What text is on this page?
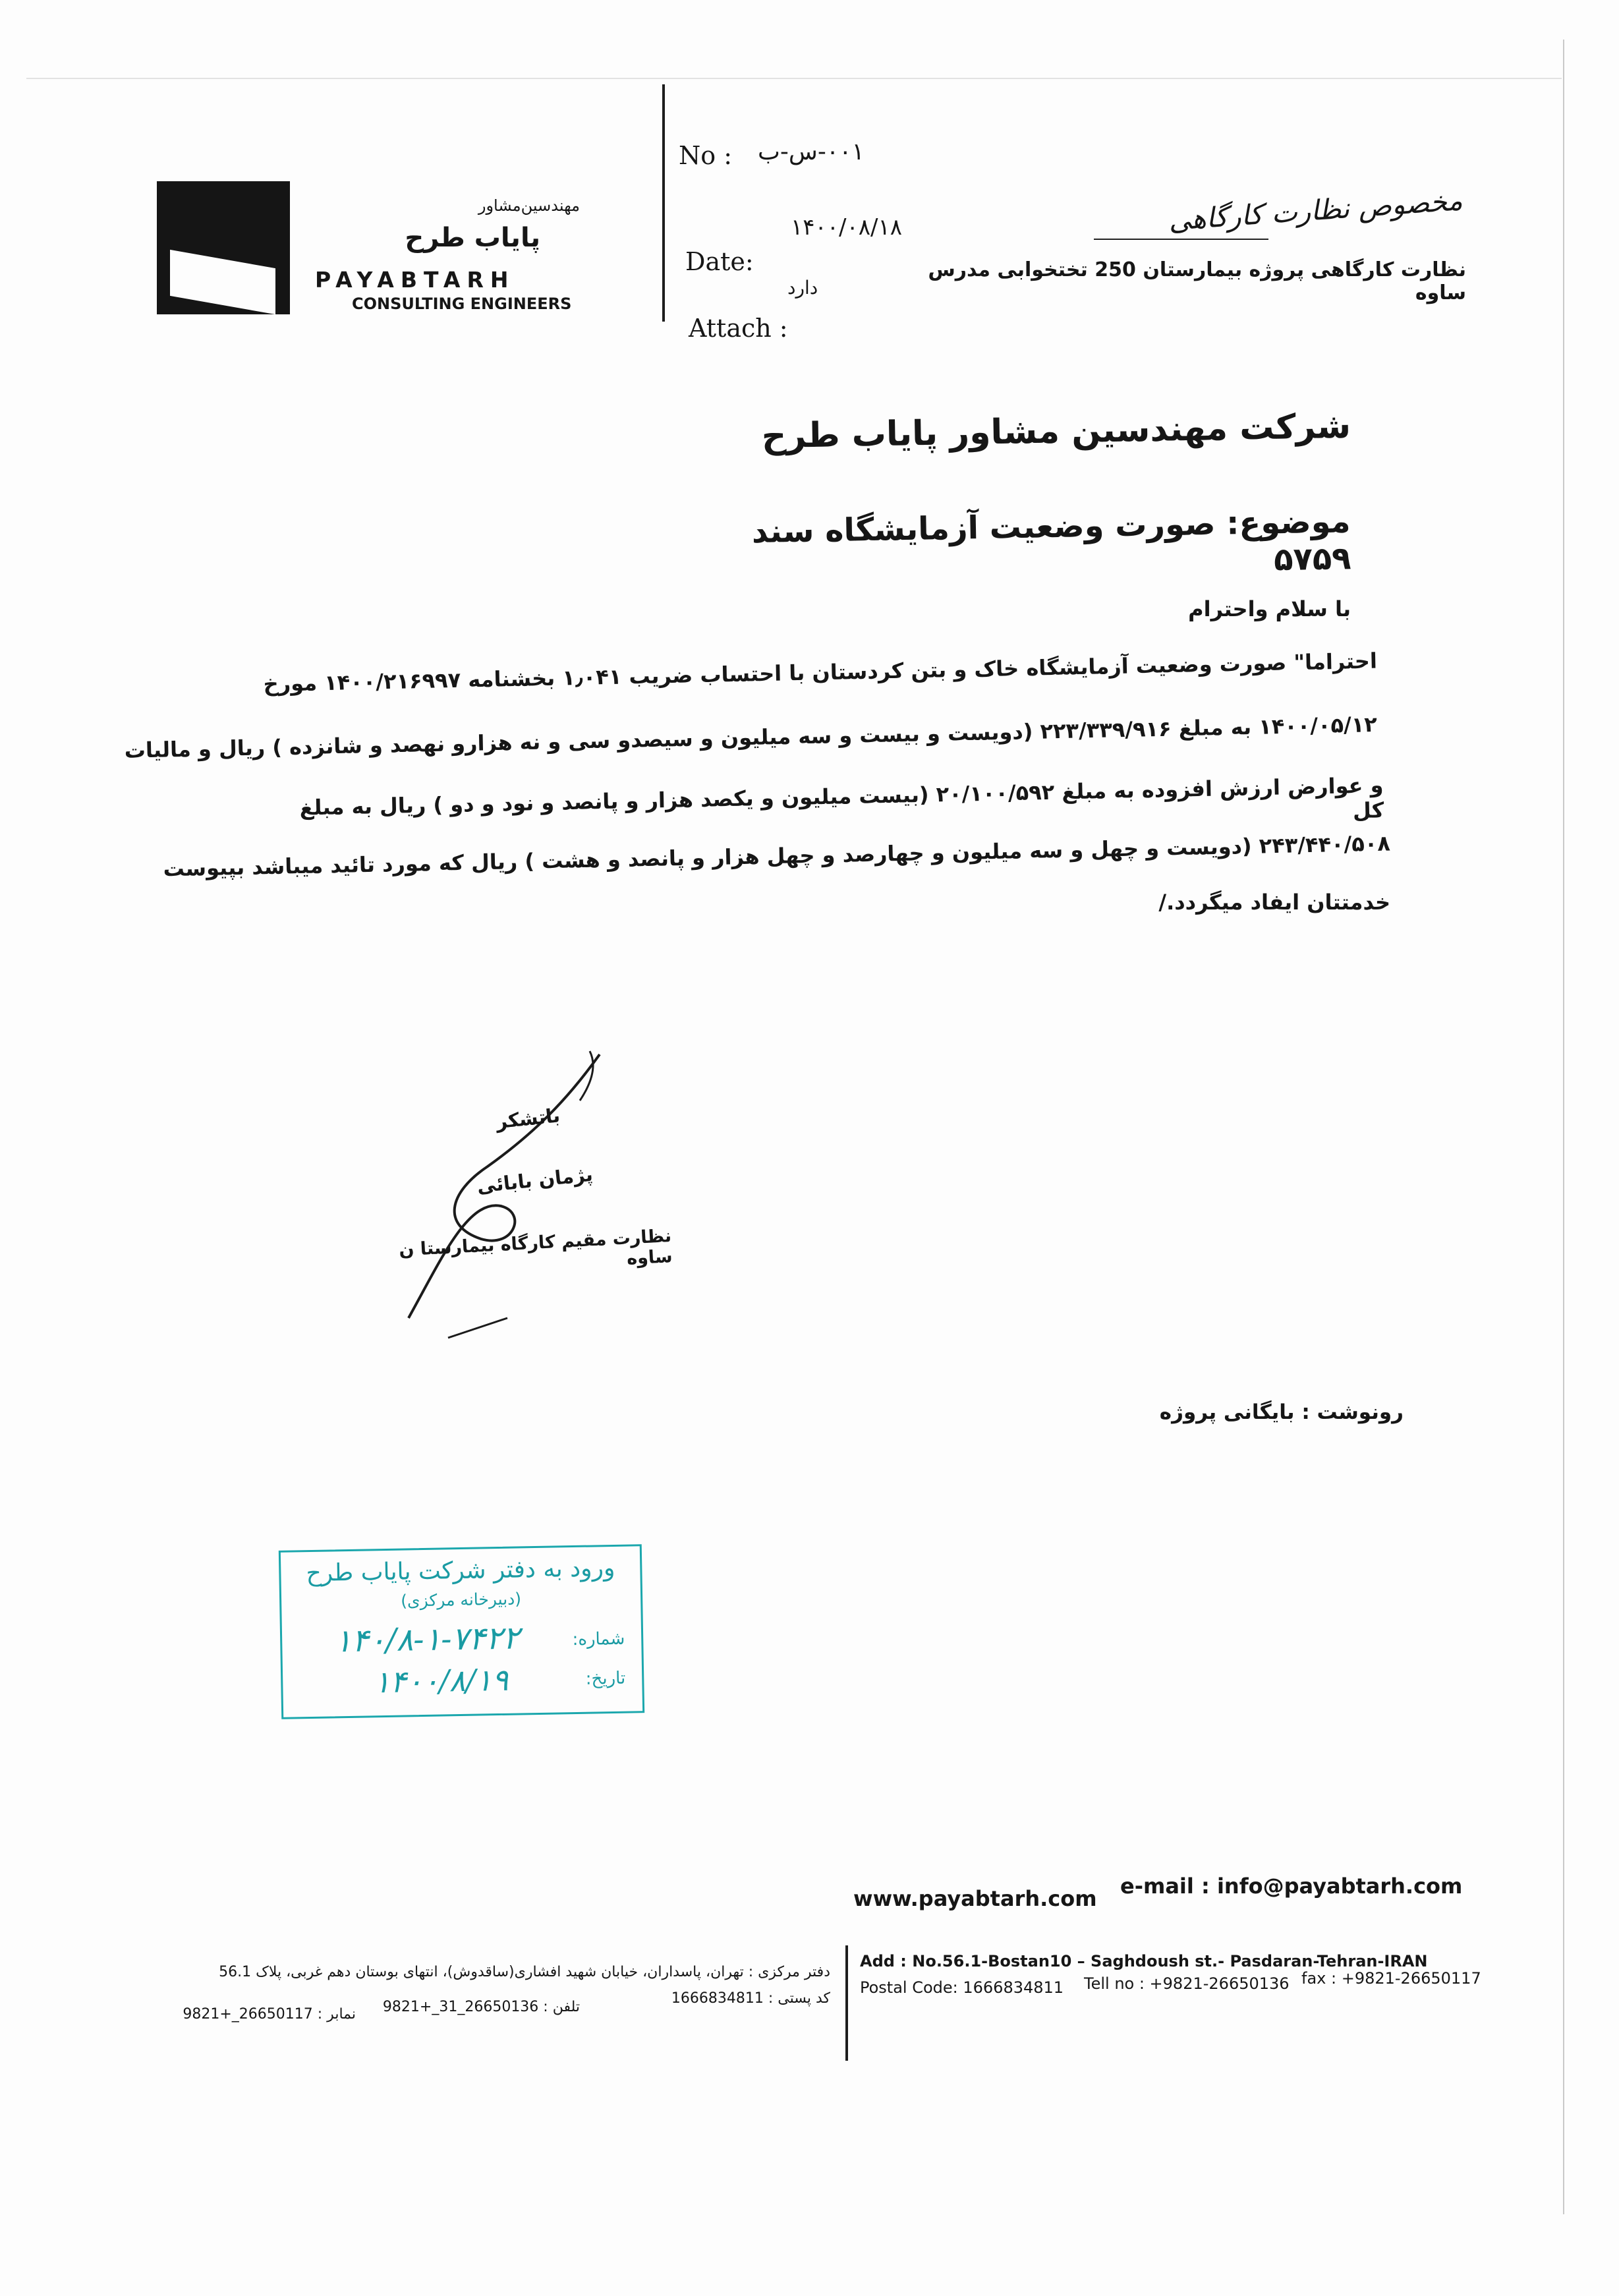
مهندسین‌مشاور
پایاب طرح
PAYABTARH
CONSULTING ENGINEERS
No : ۰۰۱-س-ب
۱۴۰۰/۰۸/۱۸
Date:
دارد
Attach :
مخصوص نظارت کارگاهی
نظارت کارگاهی پروژه بیمارستان 250 تختخوابی مدرس ساوه
شرکت مهندسین مشاور پایاب طرح
موضوع: صورت وضعیت آزمایشگاه سند ۵۷۵۹
با سلام واحترام
احتراما" صورت وضعیت آزمایشگاه خاک و بتن کردستان با احتساب ضریب ۱٫۰۴۱ بخشنامه ۱۴۰۰/۲۱۶۹۹۷ مورخ
۱۴۰۰/۰۵/۱۲ به مبلغ ۲۲۳/۳۳۹/۹۱۶ (دویست و بیست و سه میلیون و سیصدو سی و نه هزارو نهصد و شانزده ) ریال و مالیات
و عوارض ارزش افزوده به مبلغ ۲۰/۱۰۰/۵۹۲ (بیست میلیون و یکصد هزار و پانصد و نود و دو ) ریال به مبلغ کل
۲۴۳/۴۴۰/۵۰۸ (دویست و چهل و سه میلیون و چهارصد و چهل هزار و پانصد و هشت ) ریال که مورد تائید میباشد بپیوست
خدمتتان ایفاد میگردد./
باتشکر
پژمان بابائی
نظارت مقیم کارگاه بیمارستا ن ساوه
رونوشت : بایگانی پروژه
ورود به دفتر شرکت پایاب طرح
(دبیرخانه مرکزی)
شماره:
۱۴۰/۸-۱-۷۴۲۲
تاریخ:
۱۴۰۰/۸/۱۹
www.payabtarh.com e-mail : info@payabtarh.com
Add : No.56.1-Bostan10 – Saghdoush st.- Pasdaran-Tehran-IRAN
Postal Code: 1666834811 Tell no : +9821-26650136 fax : +9821-26650117
دفتر مرکزی : تهران، پاسداران، خیابان شهید افشاری(ساقدوش)، انتهای بوستان دهم غربی، پلاک 56.1
کد پستی : 1666834811
تلفن : 26650136_31_+9821
نمابر : 26650117_+9821
